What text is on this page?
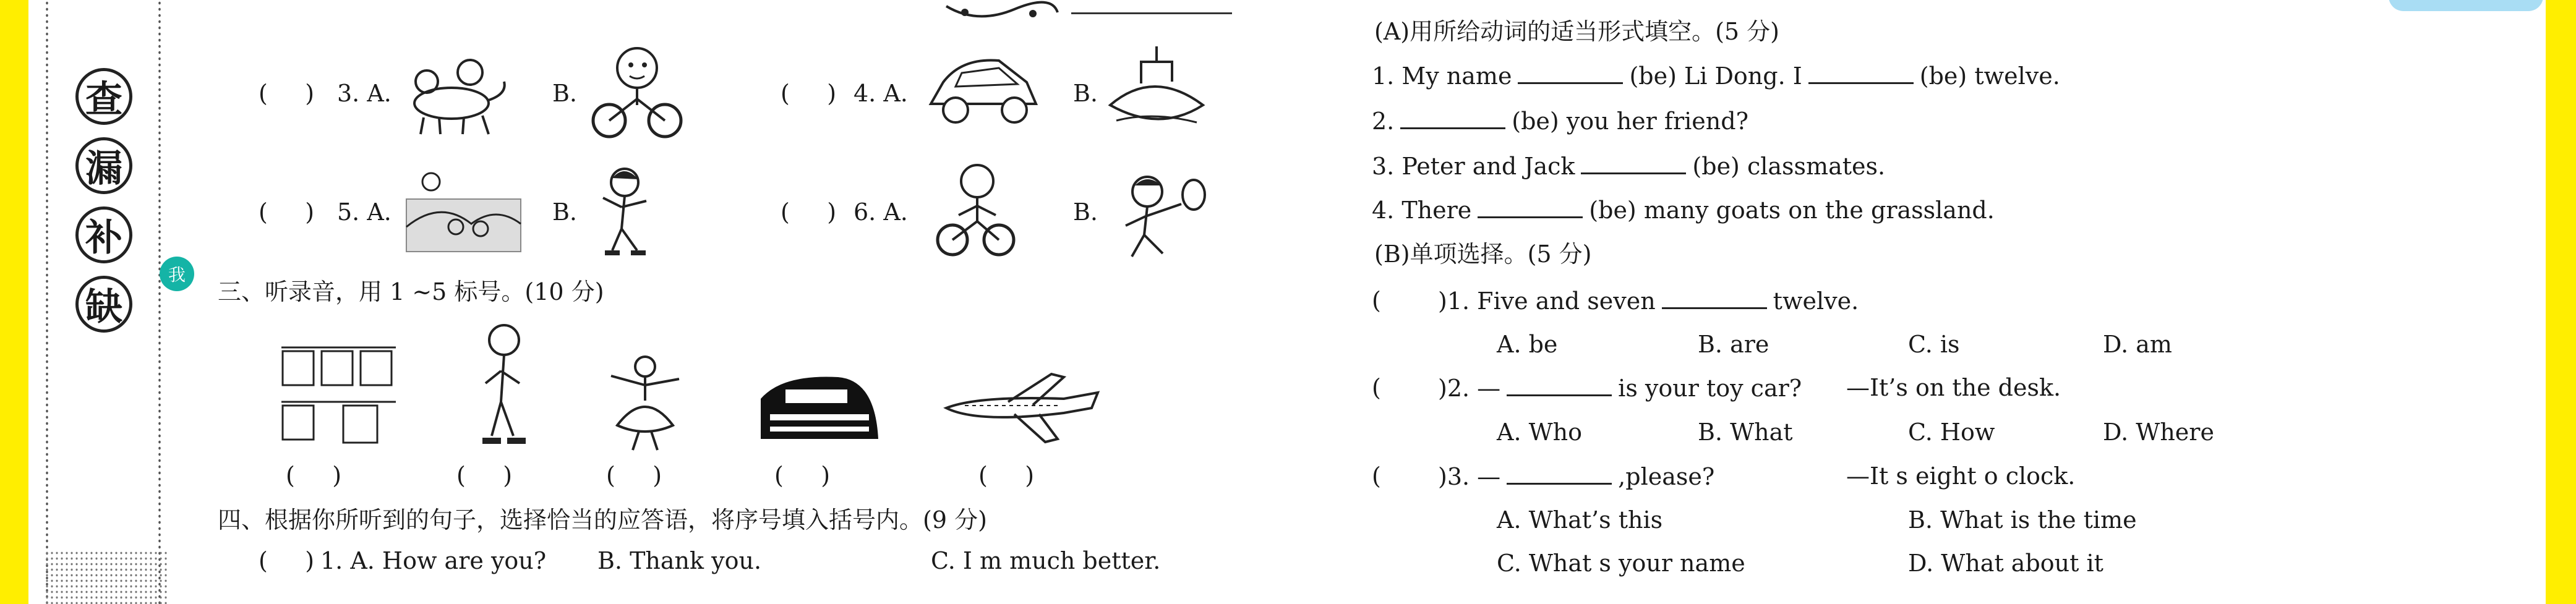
查
漏
补
缺
我
(     ) 3. A.	B.	(     ) 4. A.	B.
(     ) 5. A.	B.	(     ) 6. A.	B.
三、听录音，用 1 ~5 标号。(10 分)
(     )	(     )	(     )	(     )	(     )
四、根据你所听到的句子，选择恰当的应答语，将序号填入括号内。(9 分)
(     ) 1. A. How are you? B. Thank you.	C. I m much better.
(A)用所给动词的适当形式填空。(5 分)
1. My name	(be) Li Dong. I	(be) twelve.
2.	(be) you her friend?
3. Peter and Jack	(be) classmates.
4. There	(be) many goats on the grassland.
(B)单项选择。(5 分)
( )1. Five and seven	twelve.
A. be	B. are	C. is	D. am
( )2. —	is your toy car? —It’s on the desk.
A. Who	B. What	C. How	D. Where
( )3. —	,please?	—It s eight o clock.
A. What’s this	B. What is the time
C. What s your name	D. What about it
